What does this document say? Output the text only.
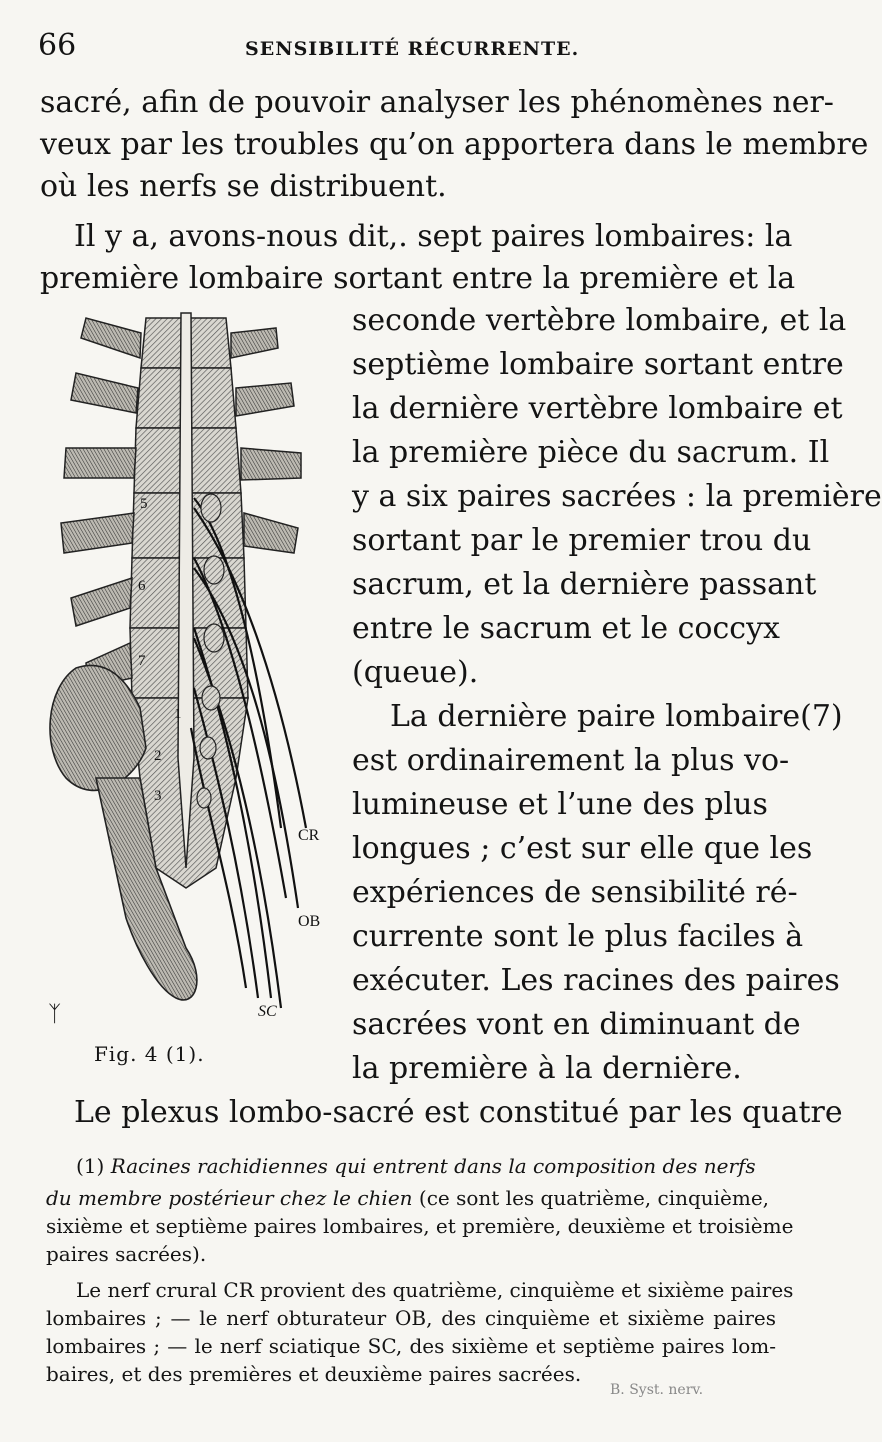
66	SENSIBILITÉ RÉCURRENTE.
sacré, afin de pouvoir analyser les phénomènes ner-
veux par les troubles qu’on apportera dans le membre
où les nerfs se distribuent.
Il y a, avons-nous dit,. sept paires lombaires: la
première lombaire sortant entre la première et la
seconde vertèbre lombaire, et la
septième lombaire sortant entre
la dernière vertèbre lombaire et
la première pièce du sacrum. Il
y a six paires sacrées : la première
sortant par le premier trou du
sacrum, et la dernière passant
entre le sacrum et le coccyx
(queue).
La dernière paire lombaire(7)
est ordinairement la plus vo-
lumineuse et l’une des plus
longues ; c’est sur elle que les
expériences de sensibilité ré-
currente sont le plus faciles à
exécuter. Les racines des paires
sacrées vont en diminuant de
la première à la dernière.
Le plexus lombo-sacré est constitué par les quatre
5
6
7
1
2
3
CR
OB
SC
ᛉ
Fig. 4 (1).
(1) Racines rachidiennes qui entrent dans la composition des nerfs
du membre postérieur chez le chien (ce sont les quatrième, cinquième,
sixième et septième paires lombaires, et première, deuxième et troisième
paires sacrées).
Le nerf crural CR provient des quatrième, cinquième et sixième paires
lombaires ; — le nerf obturateur OB, des cinquième et sixième paires
lombaires ; — le nerf sciatique SC, des sixième et septième paires lom-
baires, et des premières et deuxième paires sacrées.
B. Syst. nerv.
